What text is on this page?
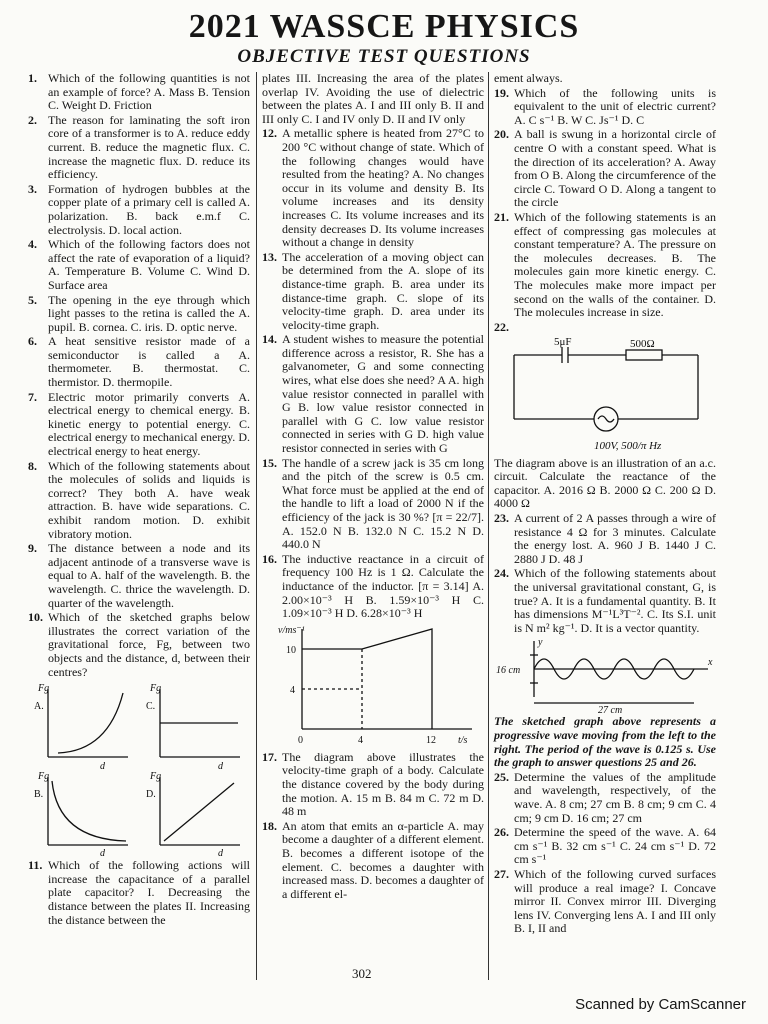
2021 WASSCE PHYSICS
OBJECTIVE TEST QUESTIONS
1. Which of the following quantities is not an example of force? A. Mass B. Tension C. Weight D. Friction
2. The reason for laminating the soft iron core of a transformer is to A. reduce eddy current. B. reduce the magnetic flux. C. increase the magnetic flux. D. reduce its efficiency.
3. Formation of hydrogen bubbles at the copper plate of a primary cell is called A. polarization. B. back e.m.f C. electrolysis. D. local action.
4. Which of the following factors does not affect the rate of evaporation of a liquid? A. Temperature B. Volume C. Wind D. Surface area
5. The opening in the eye through which light passes to the retina is called the A. pupil. B. cornea. C. iris. D. optic nerve.
6. A heat sensitive resistor made of a semiconductor is called a A. thermometer. B. thermostat. C. thermistor. D. thermopile.
7. Electric motor primarily converts A. electrical energy to chemical energy. B. kinetic energy to potential energy. C. electrical energy to mechanical energy. D. electrical energy to heat energy.
8. Which of the following statements about the molecules of solids and liquids is correct? They both A. have weak attraction. B. have wide separations. C. exhibit random motion. D. exhibit vibratory motion.
9. The distance between a node and its adjacent antinode of a transverse wave is equal to A. half of the wavelength. B. the wavelength. C. thrice the wavelength. D. quarter of the wavelength.
10. Which of the sketched graphs below illustrates the correct variation of the gravitational force, Fg, between two objects and the distance, d, between their centres?
A.	C.
B.	D.
Fg	Fg
Fg	Fg
d	d
d	d
11. Which of the following actions will increase the capacitance of a parallel plate capacitor? I. Decreasing the distance between the plates II. Increasing the distance between the
plates III. Increasing the area of the plates overlap IV. Avoiding the use of dielectric between the plates A. I and III only B. II and III only C. I and IV only D. II and IV only
12. A metallic sphere is heated from 27°C to 200 °C without change of state. Which of the following changes would have resulted from the heating? A. No changes occur in its volume and density B. Its volume increases and its density increases C. Its volume increases and its density decreases D. Its volume increases without a change in density
13. The acceleration of a moving object can be determined from the A. slope of its distance-time graph. B. area under its distance-time graph. C. slope of its velocity-time graph. D. area under its velocity-time graph.
14. A student wishes to measure the potential difference across a resistor, R. She has a galvanometer, G and some connecting wires, what else does she need? A A. high value resistor connected in parallel with G B. low value resistor connected in parallel with G C. low value resistor connected in series with G D. high value resistor connected in series with G
15. The handle of a screw jack is 35 cm long and the pitch of the screw is 0.5 cm. What force must be applied at the end of the handle to lift a load of 2000 N if the efficiency of the jack is 30 %? [π = 22/7]. A. 152.0 N B. 132.0 N C. 15.2 N D. 440.0 N
16. The inductive reactance in a circuit of frequency 100 Hz is 1 Ω. Calculate the inductance of the inductor. [π = 3.14] A. 2.00×10⁻³ H B. 1.59×10⁻³ H C. 1.09×10⁻³ H D. 6.28×10⁻³ H
v/ms⁻¹
t/s
10
4
0	4	12
17. The diagram above illustrates the velocity-time graph of a body. Calculate the distance covered by the body during the motion. A. 15 m B. 84 m C. 72 m D. 48 m
18. An atom that emits an α-particle A. may become a daughter of a different element. B. becomes a different isotope of the element. C. becomes a daughter with increased mass. D. becomes a daughter of a different el-
ement always.
19. Which of the following units is equivalent to the unit of electric current? A. C s⁻¹ B. W C. Js⁻¹ D. C
20. A ball is swung in a horizontal circle of centre O with a constant speed. What is the direction of its acceleration? A. Away from O B. Along the circumference of the circle C. Toward O D. Along a tangent to the circle
21. Which of the following statements is an effect of compressing gas molecules at constant temperature? A. The pressure on the molecules decreases. B. The molecules gain more kinetic energy. C. The molecules make more impact per second on the walls of the container. D. The molecules increase in size.
22.
5μF	500Ω
100V, 500/π Hz
The diagram above is an illustration of an a.c. circuit. Calculate the reactance of the capacitor. A. 2016 Ω B. 2000 Ω C. 200 Ω D. 4000 Ω
23. A current of 2 A passes through a wire of resistance 4 Ω for 3 minutes. Calculate the energy lost. A. 960 J B. 1440 J C. 2880 J D. 48 J
24. Which of the following statements about the universal gravitational constant, G, is true? A. It is a fundamental quantity. B. It has dimensions M⁻¹L³T⁻². C. Its S.I. unit is N m² kg⁻¹. D. It is a vector quantity.
y
x
16 cm
27 cm
The sketched graph above represents a progressive wave moving from the left to the right. The period of the wave is 0.125 s. Use the graph to answer questions 25 and 26.
25. Determine the values of the amplitude and wavelength, respectively, of the wave. A. 8 cm; 27 cm B. 8 cm; 9 cm C. 4 cm; 9 cm D. 16 cm; 27 cm
26. Determine the speed of the wave. A. 64 cm s⁻¹ B. 32 cm s⁻¹ C. 24 cm s⁻¹ D. 72 cm s⁻¹
27. Which of the following curved surfaces will produce a real image? I. Concave mirror II. Convex mirror III. Diverging lens IV. Converging lens A. I and III only B. I, II and
302
Scanned by CamScanner
